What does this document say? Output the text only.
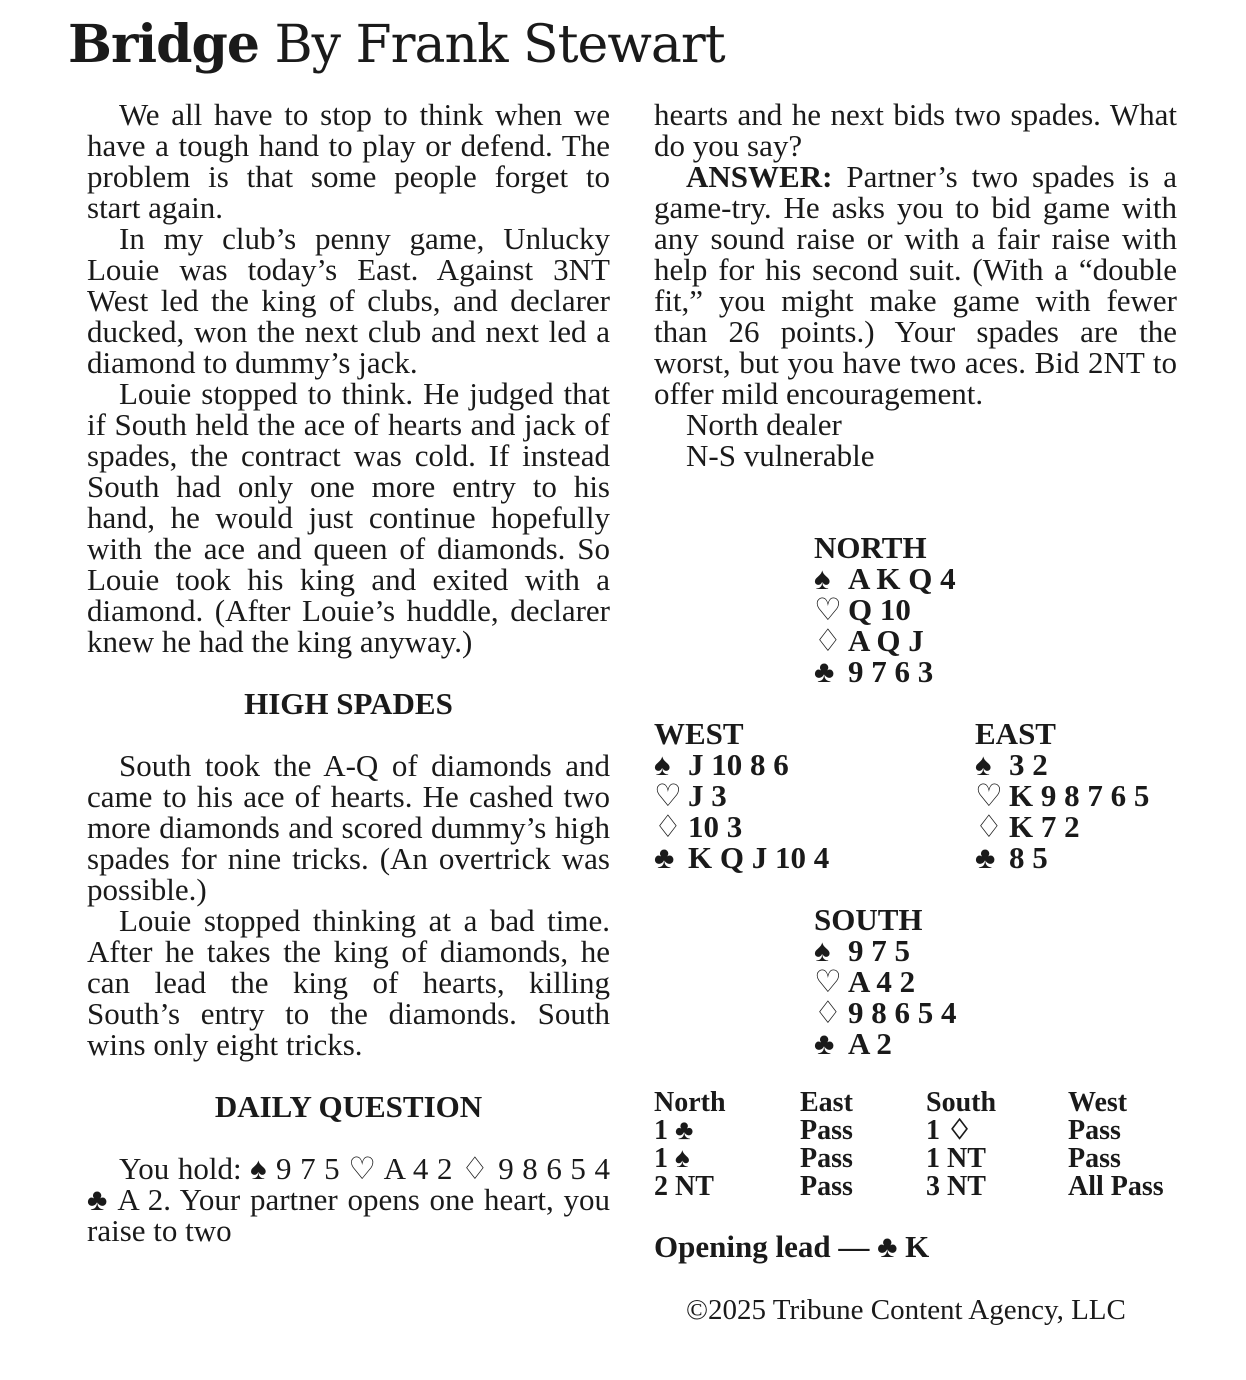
Bridge By Frank Stewart

We all have to stop to think when we have a tough hand to play or defend. The problem is that some people forget to start again.

In my club’s penny game, Unlucky Louie was today’s East. Against 3NT West led the king of clubs, and declarer ducked, won the next club and next led a diamond to dummy’s jack.

Louie stopped to think. He judged that if South held the ace of hearts and jack of spades, the contract was cold. If instead South had only one more entry to his hand, he would just continue hopefully with the ace and queen of diamonds. So Louie took his king and exited with a diamond. (After Louie’s huddle, declarer knew he had the king anyway.)

HIGH SPADES

South took the A-Q of diamonds and came to his ace of hearts. He cashed two more diamonds and scored dummy’s high spades for nine tricks. (An overtrick was possible.)

Louie stopped thinking at a bad time. After he takes the king of diamonds, he can lead the king of hearts, killing South’s entry to the diamonds. South wins only eight tricks.

DAILY QUESTION

You hold: ♠ 9 7 5 ♡ A 4 2 ♢ 9 8 6 5 4 ♣ A 2. Your partner opens one heart, you raise to two

hearts and he next bids two spades. What do you say?

ANSWER: Partner’s two spades is a game-try. He asks you to bid game with any sound raise or with a fair raise with help for his second suit. (With a “double fit,” you might make game with fewer than 26 points.) Your spades are the worst, but you have two aces. Bid 2NT to offer mild encouragement.

North dealer
N-S vulnerable
NORTH
♠ A K Q 4
♡ Q 10
♢ A Q J
♣ 9 7 6 3
WEST
♠ J 10 8 6
♡ J 3
♢ 10 3
♣ K Q J 10 4
EAST
♠ 3 2
♡ K 9 8 7 6 5
♢ K 7 2
♣ 8 5
SOUTH
♠ 9 7 5
♡ A 4 2
♢ 9 8 6 5 4
♣ A 2
North	East	South	West
1 ♣	Pass	1 ♢	Pass
1 ♠	Pass	1 NT	Pass
2 NT	Pass	3 NT	All Pass
Opening lead — ♣ K
©2025 Tribune Content Agency, LLC
